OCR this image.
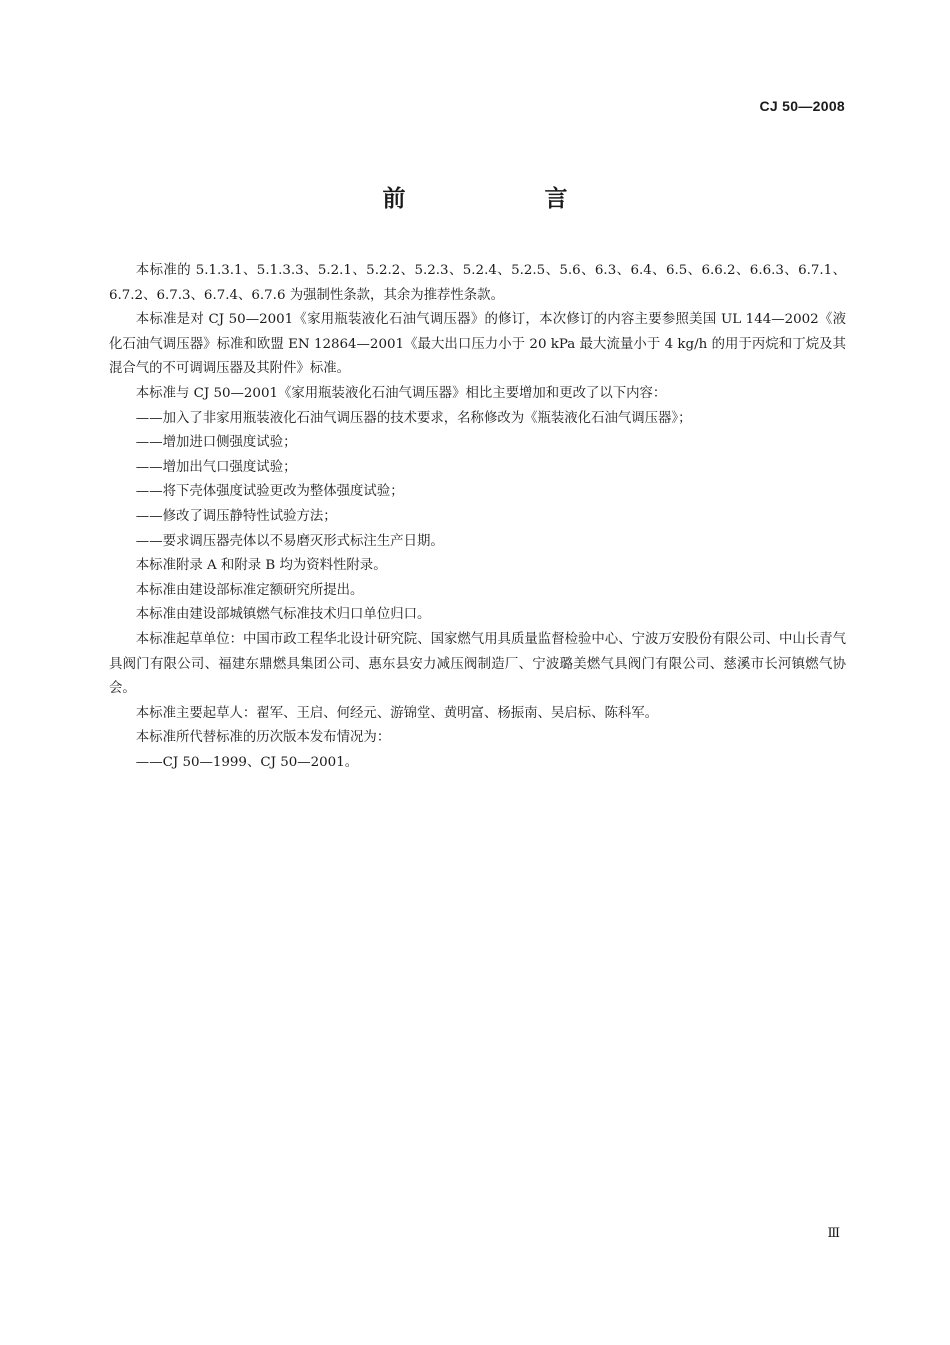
CJ 50—2008
前　言

本标准的 5.1.3.1、5.1.3.3、5.2.1、5.2.2、5.2.3、5.2.4、5.2.5、5.6、6.3、6.4、6.5、6.6.2、6.6.3、6.7.1、6.7.2、6.7.3、6.7.4、6.7.6 为强制性条款，其余为推荐性条款。

本标准是对 CJ 50—2001《家用瓶装液化石油气调压器》的修订，本次修订的内容主要参照美国 UL 144—2002《液化石油气调压器》标准和欧盟 EN 12864—2001《最大出口压力小于 20 kPa 最大流量小于 4 kg/h 的用于丙烷和丁烷及其混合气的不可调调压器及其附件》标准。

本标准与 CJ 50—2001《家用瓶装液化石油气调压器》相比主要增加和更改了以下内容：

——加入了非家用瓶装液化石油气调压器的技术要求，名称修改为《瓶装液化石油气调压器》；

——增加进口侧强度试验；

——增加出气口强度试验；

——将下壳体强度试验更改为整体强度试验；

——修改了调压静特性试验方法；

——要求调压器壳体以不易磨灭形式标注生产日期。

本标准附录 A 和附录 B 均为资料性附录。

本标准由建设部标准定额研究所提出。

本标准由建设部城镇燃气标准技术归口单位归口。

本标准起草单位：中国市政工程华北设计研究院、国家燃气用具质量监督检验中心、宁波万安股份有限公司、中山长青气具阀门有限公司、福建东鼎燃具集团公司、惠东县安力减压阀制造厂、宁波璐美燃气具阀门有限公司、慈溪市长河镇燃气协会。

本标准主要起草人：翟军、王启、何经元、游锦堂、黄明富、杨振南、吴启标、陈科军。

本标准所代替标准的历次版本发布情况为：

——CJ 50—1999、CJ 50—2001。

Ⅲ
